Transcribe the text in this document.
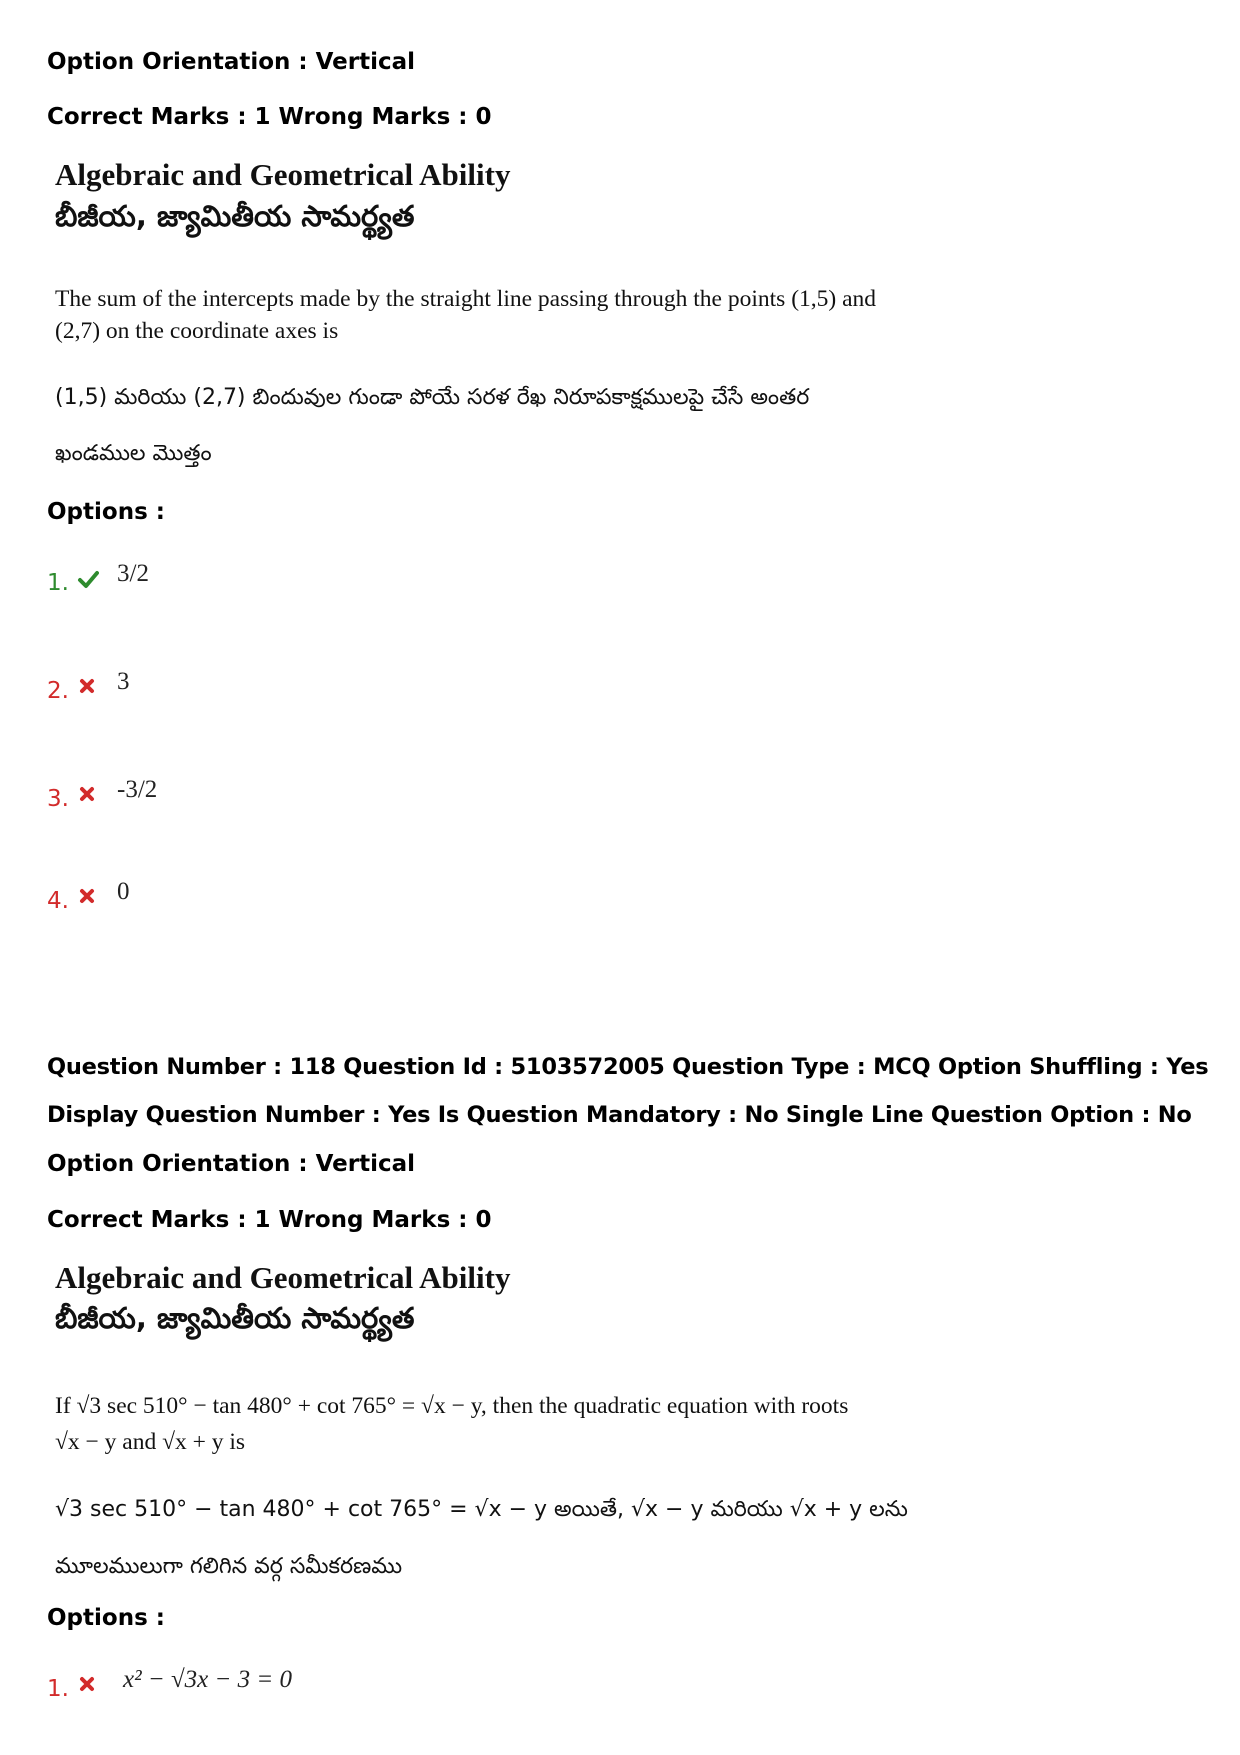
Option Orientation : Vertical
Correct Marks : 1 Wrong Marks : 0
Algebraic and Geometrical Ability
బీజీయ, జ్యామితీయ సామర్థ్యత
The sum of the intercepts made by the straight line passing through the points (1,5) and
(2,7) on the coordinate axes is
(1,5) మరియు (2,7) బిందువుల గుండా పోయే సరళ రేఖ నిరూపకాక్షములపై చేసే అంతర
ఖండముల మొత్తం
Options :
1. 3/2
2. 3
3. -3/2
4. 0
Question Number : 118 Question Id : 5103572005 Question Type : MCQ Option Shuffling : Yes
Display Question Number : Yes Is Question Mandatory : No Single Line Question Option : No
Option Orientation : Vertical
Correct Marks : 1 Wrong Marks : 0
Algebraic and Geometrical Ability
బీజీయ, జ్యామితీయ సామర్థ్యత
If √3 sec 510° − tan 480° + cot 765° = √x − y, then the quadratic equation with roots
√x − y and √x + y is
√3 sec 510° − tan 480° + cot 765° = √x − y అయితే, √x − y మరియు √x + y లను
మూలములుగా గలిగిన వర్గ సమీకరణము
Options :
1. x² − √3x − 3 = 0
